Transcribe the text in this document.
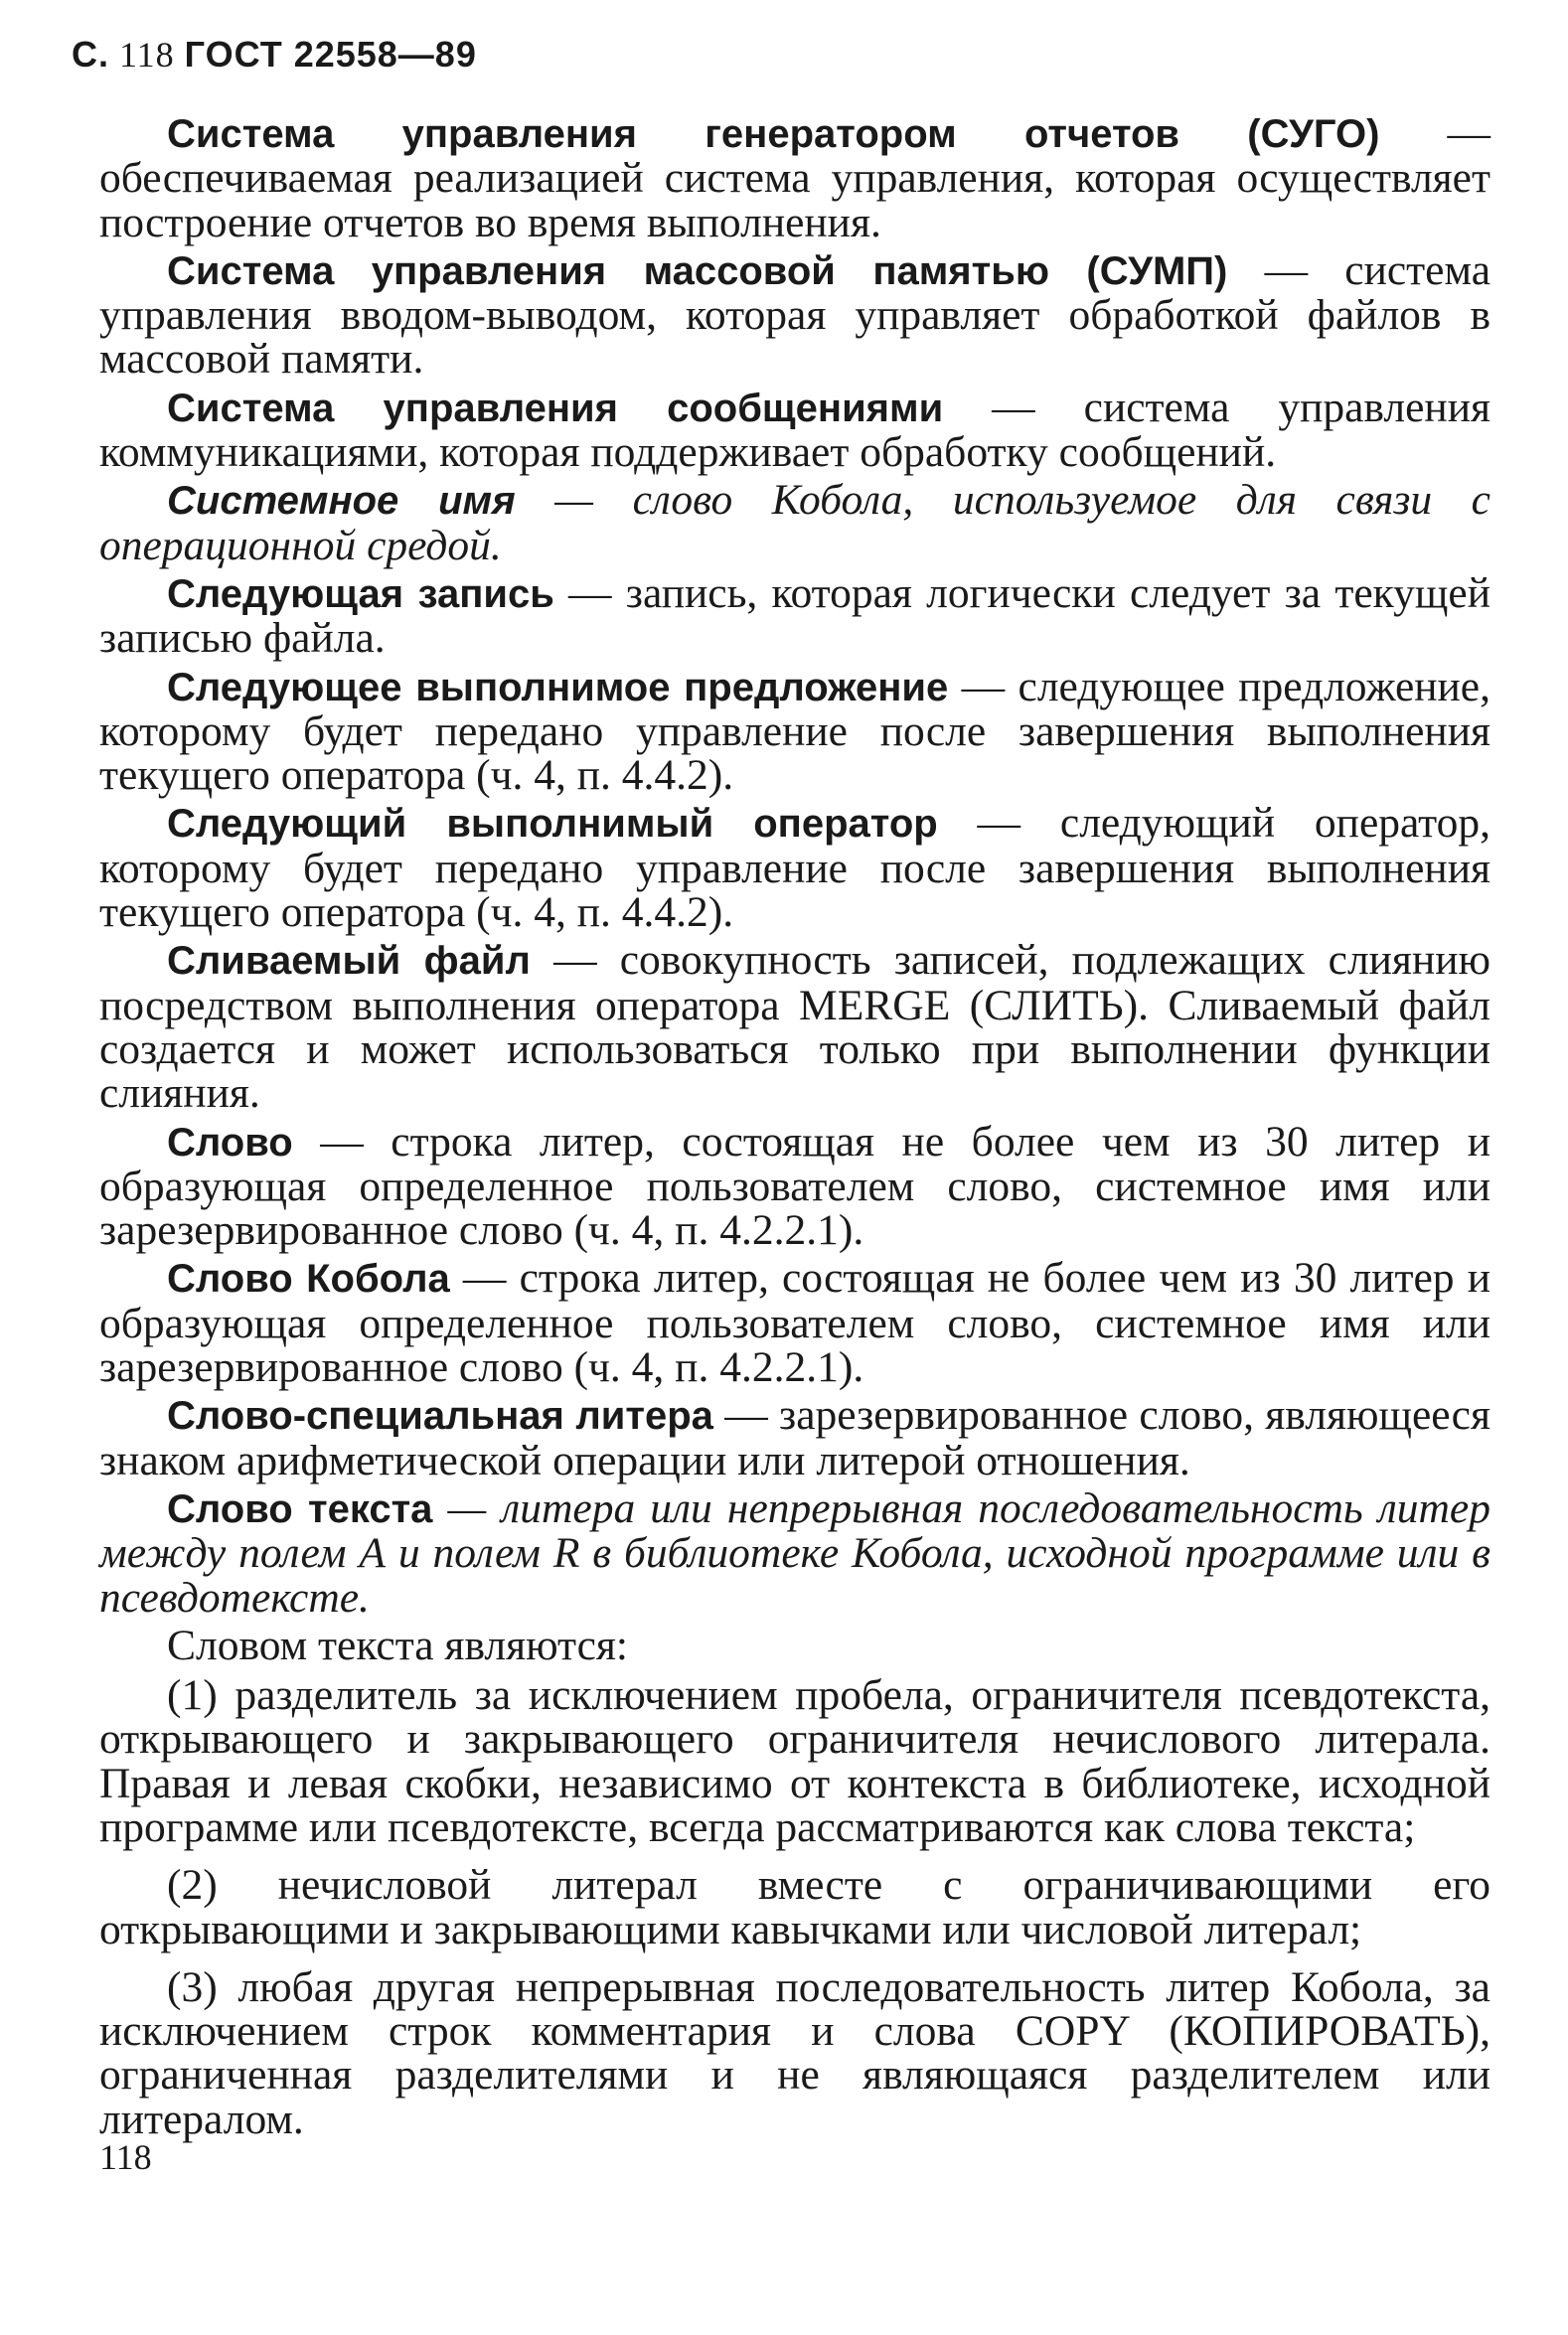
С. 118 ГОСТ 22558—89

Система управления генератором отчетов (СУГО) — обеспечиваемая реализацией система управления, которая осуществляет построение отчетов во время выполнения.

Система управления массовой памятью (СУМП) — система управления вводом-выводом, которая управляет обработкой файлов в массовой памяти.

Система управления сообщениями — система управления коммуникациями, которая поддерживает обработку сообщений.

Системное имя — слово Кобола, используемое для связи с операционной средой.

Следующая запись — запись, которая логически следует за текущей записью файла.

Следующее выполнимое предложение — следующее предложение, которому будет передано управление после завершения выполнения текущего оператора (ч. 4, п. 4.4.2).

Следующий выполнимый оператор — следующий оператор, которому будет передано управление после завершения выполнения текущего оператора (ч. 4, п. 4.4.2).

Сливаемый файл — совокупность записей, подлежащих слиянию посредством выполнения оператора MERGE (СЛИТЬ). Сливаемый файл создается и может использоваться только при выполнении функции слияния.

Слово — строка литер, состоящая не более чем из 30 литер и образующая определенное пользователем слово, системное имя или зарезервированное слово (ч. 4, п. 4.2.2.1).

Слово Кобола — строка литер, состоящая не более чем из 30 литер и образующая определенное пользователем слово, системное имя или зарезервированное слово (ч. 4, п. 4.2.2.1).

Слово-специальная литера — зарезервированное слово, являющееся знаком арифметической операции или литерой отношения.

Слово текста — литера или непрерывная последовательность литер между полем А и полем R в библиотеке Кобола, исходной программе или в псевдотексте.

Словом текста являются:

(1) разделитель за исключением пробела, ограничителя псевдотекста, открывающего и закрывающего ограничителя нечислового литерала. Правая и левая скобки, независимо от контекста в библиотеке, исходной программе или псевдотексте, всегда рассматриваются как слова текста;

(2) нечисловой литерал вместе с ограничивающими его открывающими и закрывающими кавычками или числовой литерал;

(3) любая другая непрерывная последовательность литер Кобола, за исключением строк комментария и слова COPY (КОПИРОВАТЬ), ограниченная разделителями и не являющаяся разделителем или литералом.

118
